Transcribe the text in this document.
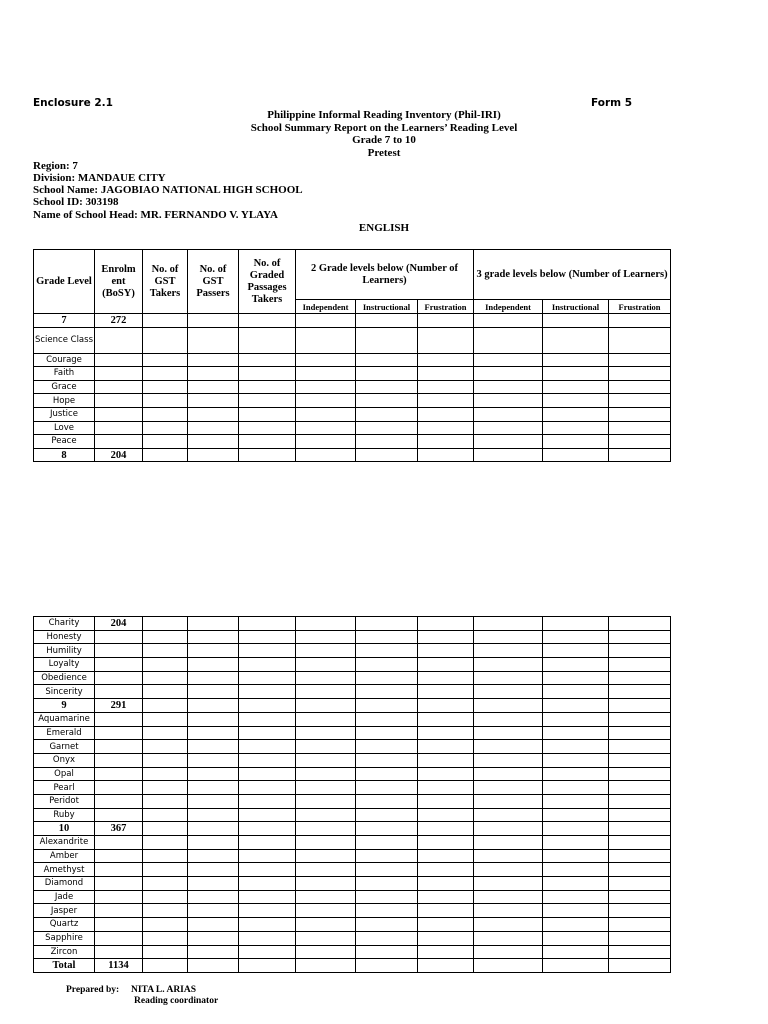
Enclosure 2.1	Form 5
Philippine Informal Reading Inventory (Phil-IRI)
School Summary Report on the Learners’ Reading Level
Grade 7 to 10
Pretest
Region: 7
Division: MANDAUE CITY
School Name: JAGOBIAO NATIONAL HIGH SCHOOL
School ID: 303198
Name of School Head: MR. FERNANDO V. YLAYA
ENGLISH
Grade Level	Enrolm ent (BoSY)	No. of GST Takers	No. of GST Passers	No. of Graded Passages Takers	2 Grade levels below (Number of Learners)			3 grade levels below (Number of Learners)		
					Independent	Instructional	Frustration	Independent	Instructional	Frustration
7	272									
Science Class										
Courage										
Faith										
Grace										
Hope										
Justice										
Love										
Peace										
8	204									
Charity	204									
Honesty										
Humility										
Loyalty										
Obedience										
Sincerity										
9	291									
Aquamarine										
Emerald										
Garnet										
Onyx										
Opal										
Pearl										
Peridot										
Ruby										
10	367									
Alexandrite										
Amber										
Amethyst										
Diamond										
Jade										
Jasper										
Quartz										
Sapphire										
Zircon										
Total	1134									
Prepared by: NITA L. ARIAS
Reading coordinator
